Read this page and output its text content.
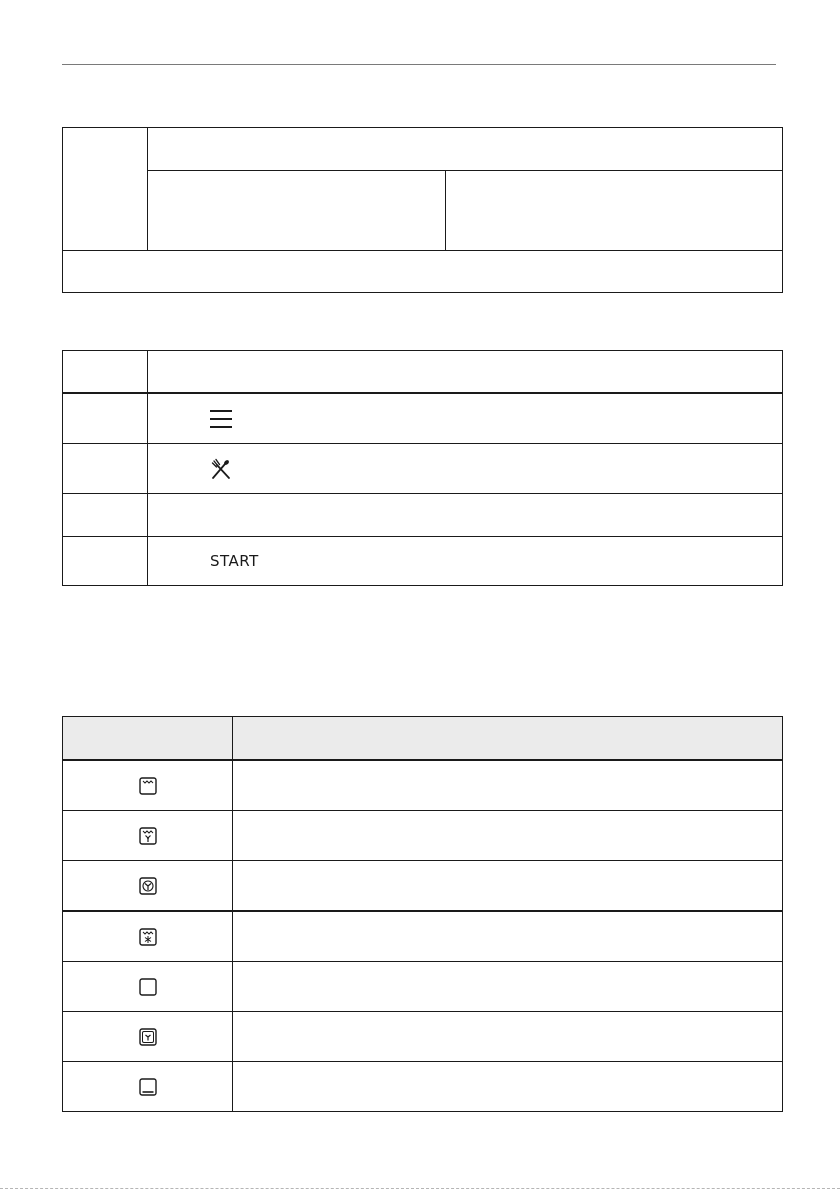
	START
